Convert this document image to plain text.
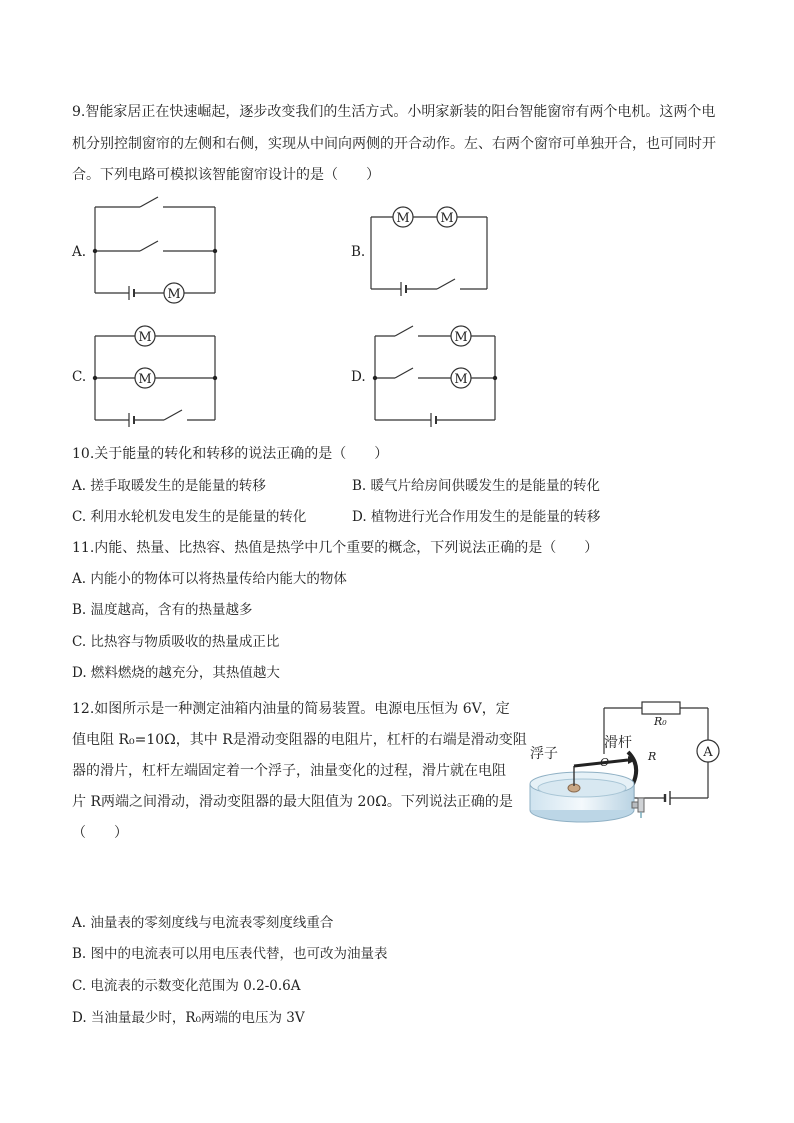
9.智能家居正在快速崛起，逐步改变我们的生活方式。小明家新装的阳台智能窗帘有两个电机。这两个电
机分别控制窗帘的左侧和右侧，实现从中间向两侧的开合动作。左、右两个窗帘可单独开合，也可同时开
合。下列电路可模拟该智能窗帘设计的是（　　）
A.
M
B.
M M
C.
M
M	D.
M
M
10.关于能量的转化和转移的说法正确的是（　　）
A. 搓手取暖发生的是能量的转移	B. 暖气片给房间供暖发生的是能量的转化
C. 利用水轮机发电发生的是能量的转化	D. 植物进行光合作用发生的是能量的转移
11.内能、热量、比热容、热值是热学中几个重要的概念，下列说法正确的是（　　）
A. 内能小的物体可以将热量传给内能大的物体
B. 温度越高，含有的热量越多
C. 比热容与物质吸收的热量成正比
D. 燃料燃烧的越充分，其热值越大
12.如图所示是一种测定油箱内油量的简易装置。电源电压恒为 6V，定
值电阻 R₀=10Ω，其中 R是滑动变阻器的电阻片，杠杆的右端是滑动变阻
器的滑片，杠杆左端固定着一个浮子，油量变化的过程，滑片就在电阻
片 R两端之间滑动，滑动变阻器的最大阻值为 20Ω。下列说法正确的是
（　　）
浮子
滑杆
O	R
R₀
A
A. 油量表的零刻度线与电流表零刻度线重合
B. 图中的电流表可以用电压表代替，也可改为油量表
C. 电流表的示数变化范围为 0.2-0.6A
D. 当油量最少时，R₀两端的电压为 3V
